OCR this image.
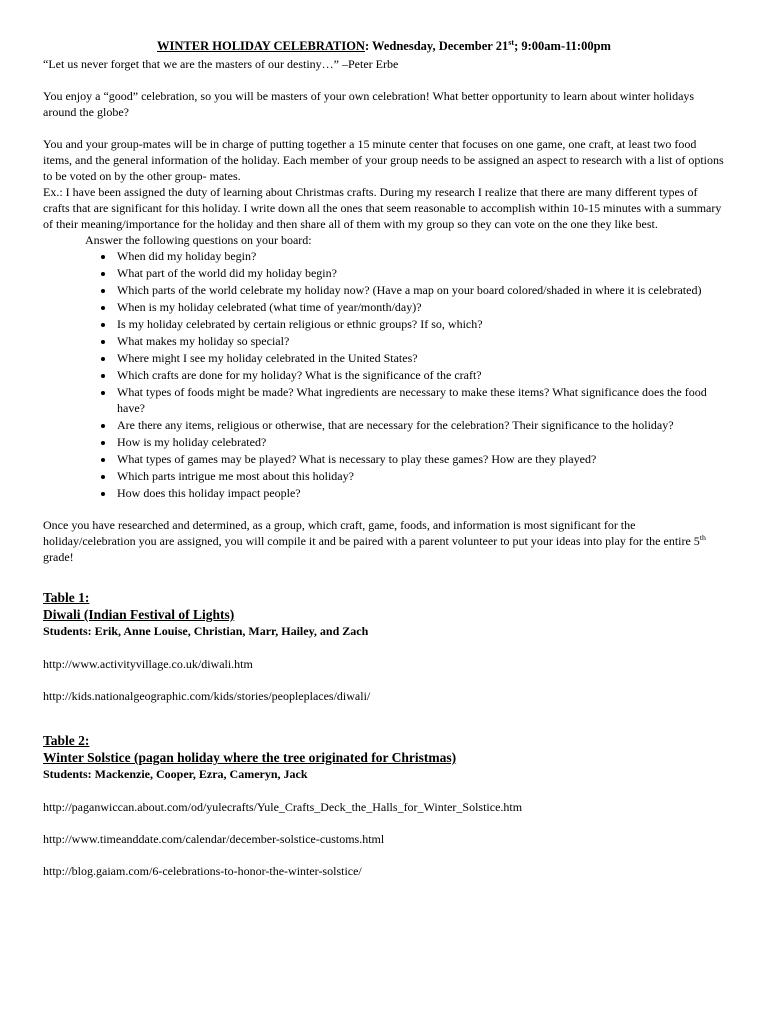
WINTER HOLIDAY CELEBRATION: Wednesday, December 21st; 9:00am-11:00pm

“Let us never forget that we are the masters of our destiny…” –Peter Erbe

You enjoy a “good” celebration, so you will be masters of your own celebration! What better opportunity to learn about winter holidays around the globe?

You and your group-mates will be in charge of putting together a 15 minute center that focuses on one game, one craft, at least two food items, and the general information of the holiday. Each member of your group needs to be assigned an aspect to research with a list of options to be voted on by the other group- mates.

Ex.: I have been assigned the duty of learning about Christmas crafts. During my research I realize that there are many different types of crafts that are significant for this holiday. I write down all the ones that seem reasonable to accomplish within 10-15 minutes with a summary of their meaning/importance for the holiday and then share all of them with my group so they can vote on the one they like best.

Answer the following questions on your board:

• When did my holiday begin?
• What part of the world did my holiday begin?
• Which parts of the world celebrate my holiday now? (Have a map on your board colored/shaded in where it is celebrated)
• When is my holiday celebrated (what time of year/month/day)?
• Is my holiday celebrated by certain religious or ethnic groups? If so, which?
• What makes my holiday so special?
• Where might I see my holiday celebrated in the United States?
• Which crafts are done for my holiday? What is the significance of the craft?
• What types of foods might be made? What ingredients are necessary to make these items? What significance does the food have?
• Are there any items, religious or otherwise, that are necessary for the celebration? Their significance to the holiday?
• How is my holiday celebrated?
• What types of games may be played? What is necessary to play these games? How are they played?
• Which parts intrigue me most about this holiday?
• How does this holiday impact people?

Once you have researched and determined, as a group, which craft, game, foods, and information is most significant for the holiday/celebration you are assigned, you will compile it and be paired with a parent volunteer to put your ideas into play for the entire 5th grade!

Table 1:

Diwali (Indian Festival of Lights)

Students: Erik, Anne Louise, Christian, Marr, Hailey, and Zach

http://www.activityvillage.co.uk/diwali.htm

http://kids.nationalgeographic.com/kids/stories/peopleplaces/diwali/

Table 2:

Winter Solstice (pagan holiday where the tree originated for Christmas)

Students: Mackenzie, Cooper, Ezra, Cameryn, Jack

http://paganwiccan.about.com/od/yulecrafts/Yule_Crafts_Deck_the_Halls_for_Winter_Solstice.htm

http://www.timeanddate.com/calendar/december-solstice-customs.html

http://blog.gaiam.com/6-celebrations-to-honor-the-winter-solstice/
